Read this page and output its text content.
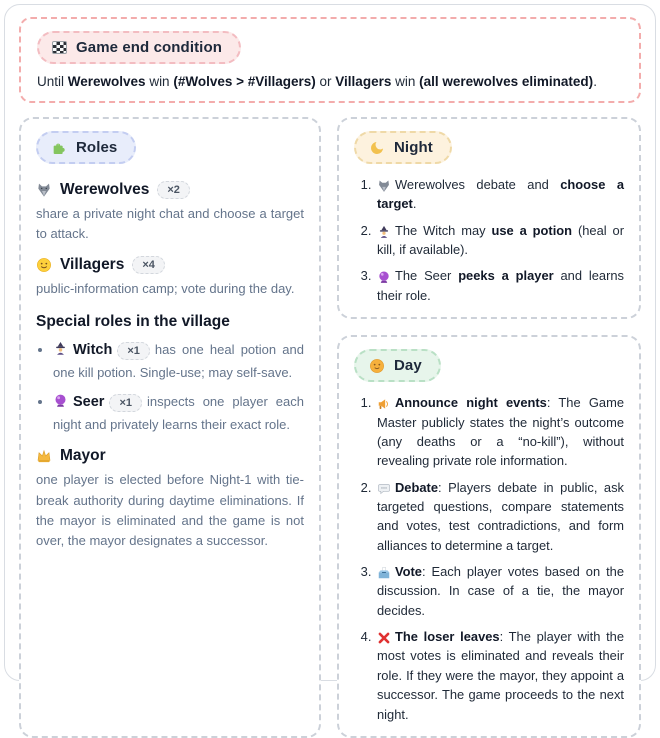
Game end condition

Until Werewolves win (#Wolves > #Villagers) or Villagers win (all werewolves eliminated).

Roles
Werewolves	×2

share a private night chat and choose a target to attack.

Villagers	×4

public-information camp; vote during the day.

Special roles in the village
• Witch ×1 has one heal potion and one kill potion. Single-use; may self-save.
• Seer ×1 inspects one player each night and privately learns their exact role.
Mayor

one player is elected before Night-1 with tie-break authority during daytime eliminations. If the mayor is eliminated and the game is not over, the mayor designates a successor.

Night
1. Werewolves debate and choose a target.
2. The Witch may use a potion (heal or kill, if available).
3. The Seer peeks a player and learns their role.
Day
1. Announce night events: The Game Master publicly states the night’s outcome (any deaths or a “no-kill”), without revealing private role information.
2. Debate: Players debate in public, ask targeted questions, compare statements and votes, test contradictions, and form alliances to determine a target.
3. Vote: Each player votes based on the discussion. In case of a tie, the mayor decides.
4. The loser leaves: The player with the most votes is eliminated and reveals their role. If they were the mayor, they appoint a successor. The game proceeds to the next night.
